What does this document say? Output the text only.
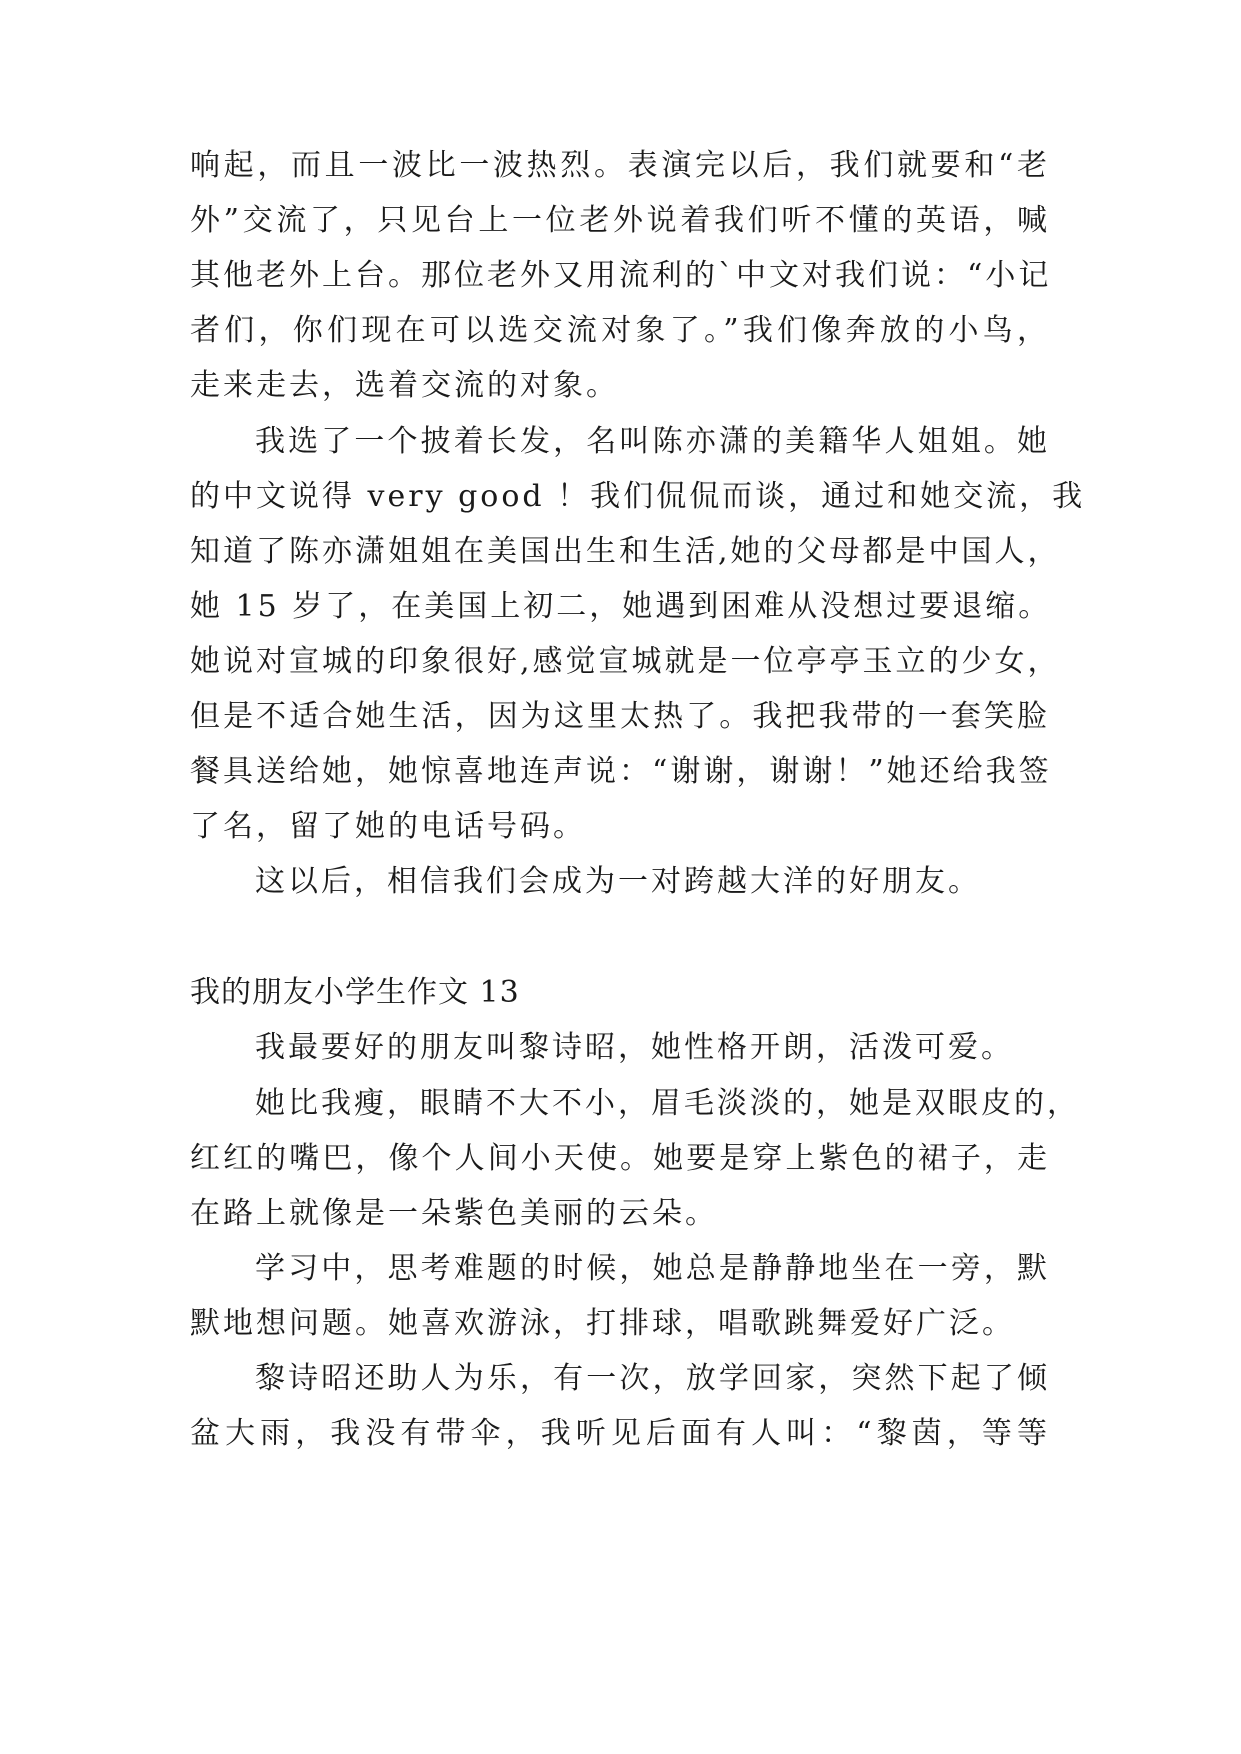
响起，而且一波比一波热烈。表演完以后，我们就要和“老
外”交流了，只见台上一位老外说着我们听不懂的英语，喊
其他老外上台。那位老外又用流利的`中文对我们说：“小记
者们，你们现在可以选交流对象了。”我们像奔放的小鸟，
走来走去，选着交流的对象。
我选了一个披着长发，名叫陈亦潇的美籍华人姐姐。她
的中文说得 very good ！我们侃侃而谈，通过和她交流，我
知道了陈亦潇姐姐在美国出生和生活,她的父母都是中国人，
她 15 岁了，在美国上初二，她遇到困难从没想过要退缩。
她说对宣城的印象很好,感觉宣城就是一位亭亭玉立的少女，
但是不适合她生活，因为这里太热了。我把我带的一套笑脸
餐具送给她，她惊喜地连声说：“谢谢，谢谢！”她还给我签
了名，留了她的电话号码。
这以后，相信我们会成为一对跨越大洋的好朋友。
我的朋友小学生作文 13
我最要好的朋友叫黎诗昭，她性格开朗，活泼可爱。
她比我瘦，眼睛不大不小，眉毛淡淡的，她是双眼皮的，
红红的嘴巴，像个人间小天使。她要是穿上紫色的裙子，走
在路上就像是一朵紫色美丽的云朵。
学习中，思考难题的时候，她总是静静地坐在一旁，默
默地想问题。她喜欢游泳，打排球，唱歌跳舞爱好广泛。
黎诗昭还助人为乐，有一次，放学回家，突然下起了倾
盆大雨，我没有带伞，我听见后面有人叫：“黎茵，等等
